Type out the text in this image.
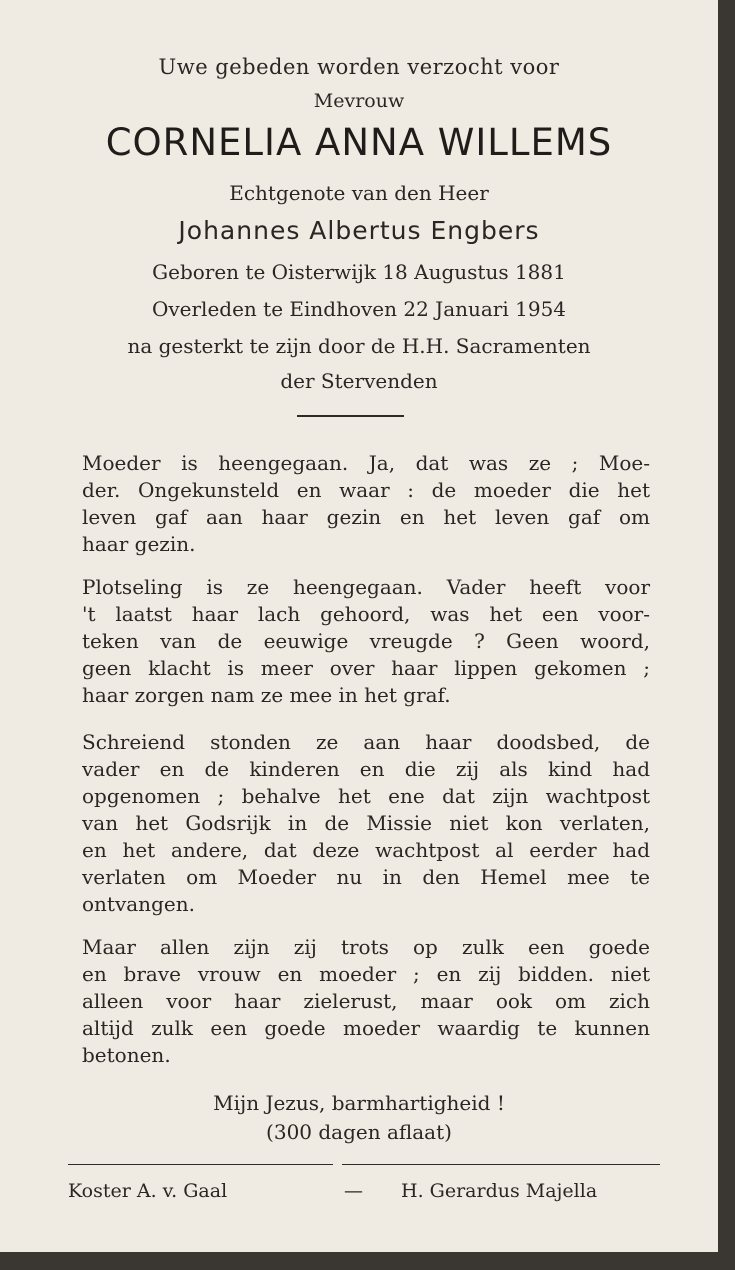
Uwe gebeden worden verzocht voor
Mevrouw
CORNELIA ANNA WILLEMS
Echtgenote van den Heer
Johannes Albertus Engbers
Geboren te Oisterwijk 18 Augustus 1881
Overleden te Eindhoven 22 Januari 1954
na gesterkt te zijn door de H.H. Sacramenten
der Stervenden
Moeder is heengegaan. Ja, dat was ze ; Moe-
der. Ongekunsteld en waar : de moeder die het
leven gaf aan haar gezin en het leven gaf om
haar gezin.
Plotseling is ze heengegaan. Vader heeft voor
't laatst haar lach gehoord, was het een voor-
teken van de eeuwige vreugde ? Geen woord,
geen klacht is meer over haar lippen gekomen ;
haar zorgen nam ze mee in het graf.
Schreiend stonden ze aan haar doodsbed, de
vader en de kinderen en die zij als kind had
opgenomen ; behalve het ene dat zijn wachtpost
van het Godsrijk in de Missie niet kon verlaten,
en het andere, dat deze wachtpost al eerder had
verlaten om Moeder nu in den Hemel mee te
ontvangen.
Maar allen zijn zij trots op zulk een goede
en brave vrouw en moeder ; en zij bidden. niet
alleen voor haar zielerust, maar ook om zich
altijd zulk een goede moeder waardig te kunnen
betonen.
Mijn Jezus, barmhartigheid !
(300 dagen aflaat)
Koster A. v. Gaal	— H. Gerardus Majella
